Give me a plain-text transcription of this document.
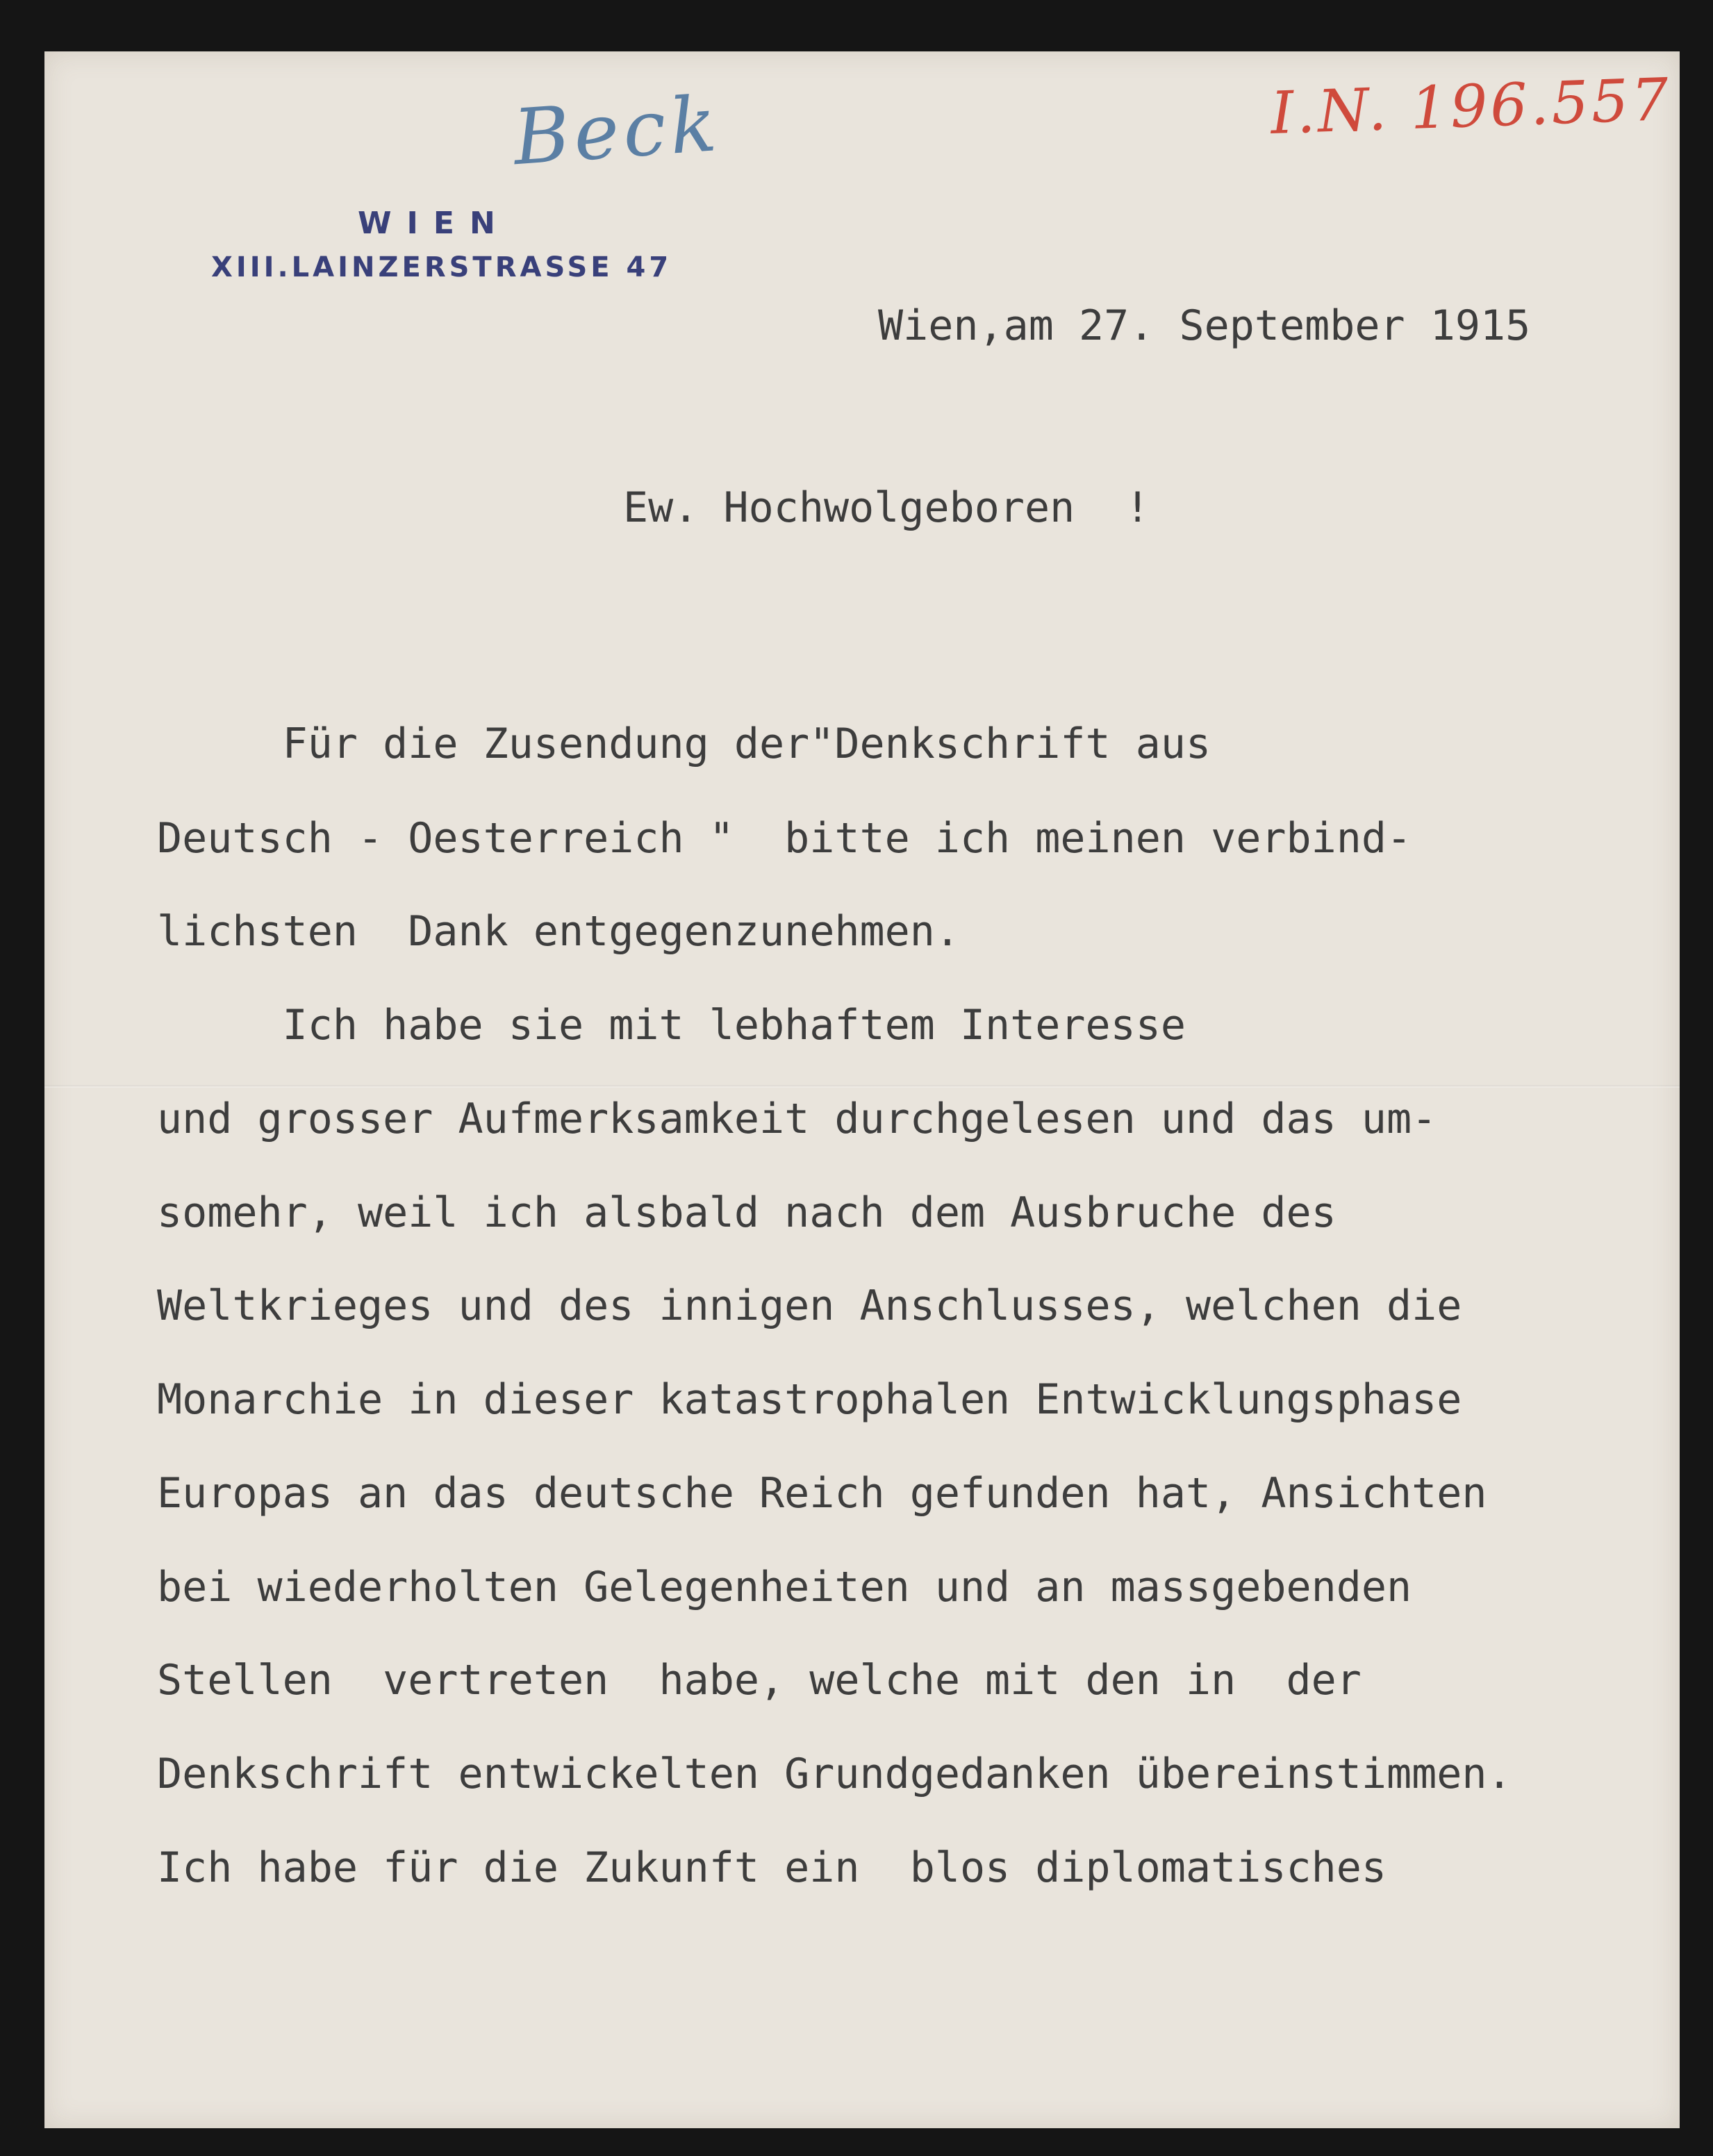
Beck	I.N. 196.557
WIEN
XIII.LAINZERSTRASSE 47
Wien,am 27. September 1915
Ew. Hochwolgeboren  !
Für die Zusendung der"Denkschrift aus
Deutsch - Oesterreich "  bitte ich meinen verbind-
lichsten  Dank entgegenzunehmen.
Ich habe sie mit lebhaftem Interesse
und grosser Aufmerksamkeit durchgelesen und das um-
somehr, weil ich alsbald nach dem Ausbruche des
Weltkrieges und des innigen Anschlusses, welchen die
Monarchie in dieser katastrophalen Entwicklungsphase
Europas an das deutsche Reich gefunden hat, Ansichten
bei wiederholten Gelegenheiten und an massgebenden
Stellen  vertreten  habe, welche mit den in  der
Denkschrift entwickelten Grundgedanken übereinstimmen.
Ich habe für die Zukunft ein  blos diplomatisches
